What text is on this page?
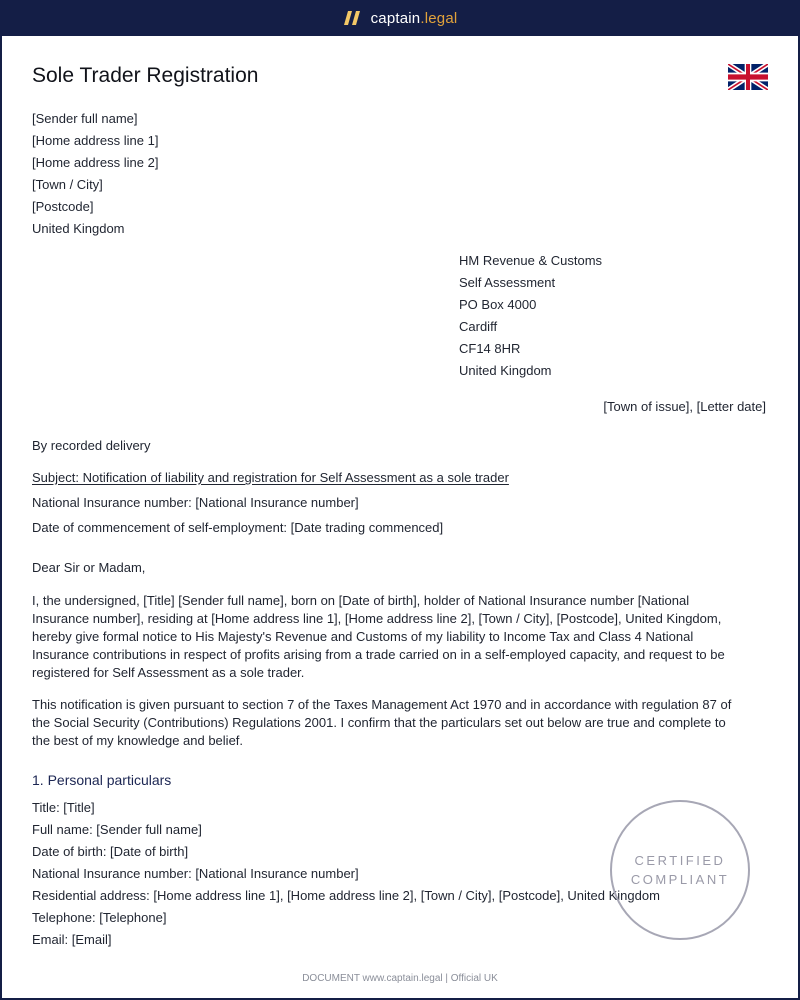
captain.legal
Sole Trader Registration
[Sender full name]
[Home address line 1]
[Home address line 2]
[Town / City]
[Postcode]
United Kingdom
HM Revenue & Customs
Self Assessment
PO Box 4000
Cardiff
CF14 8HR
United Kingdom
[Town of issue], [Letter date]
By recorded delivery
Subject: Notification of liability and registration for Self Assessment as a sole trader
National Insurance number: [National Insurance number]
Date of commencement of self-employment: [Date trading commenced]
Dear Sir or Madam,

I, the undersigned, [Title] [Sender full name], born on [Date of birth], holder of National Insurance number [National Insurance number], residing at [Home address line 1], [Home address line 2], [Town / City], [Postcode], United Kingdom, hereby give formal notice to His Majesty's Revenue and Customs of my liability to Income Tax and Class 4 National Insurance contributions in respect of profits arising from a trade carried on in a self-employed capacity, and request to be registered for Self Assessment as a sole trader.

This notification is given pursuant to section 7 of the Taxes Management Act 1970 and in accordance with regulation 87 of the Social Security (Contributions) Regulations 2001. I confirm that the particulars set out below are true and complete to the best of my knowledge and belief.

1. Personal particulars
Title: [Title]
Full name: [Sender full name]
Date of birth: [Date of birth]
National Insurance number: [National Insurance number]
Residential address: [Home address line 1], [Home address line 2], [Town / City], [Postcode], United Kingdom
Telephone: [Telephone]
Email: [Email]
CERTIFIED
COMPLIANT
DOCUMENT www.captain.legal | Official UK
